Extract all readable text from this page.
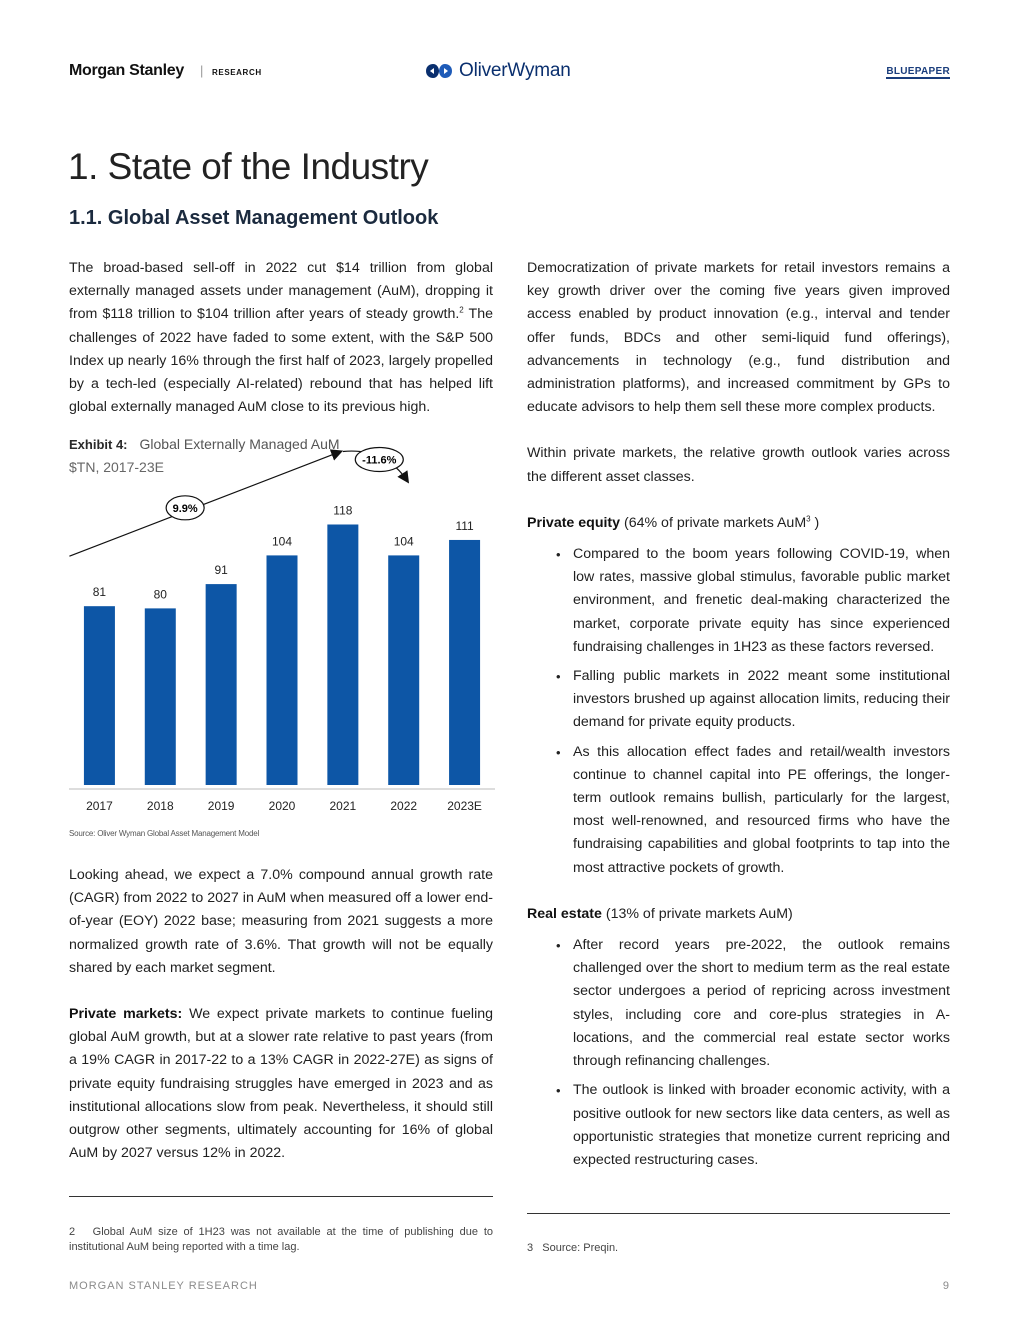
Morgan Stanley | RESEARCH	OliverWyman	BLUEPAPER
1. State of the Industry
1.1. Global Asset Management Outlook

The broad-based sell-off in 2022 cut $14 trillion from global externally managed assets under management (AuM), dropping it from $118 trillion to $104 trillion after years of steady growth.$^2$ The challenges of 2022 have faded to some extent, with the S&P 500 Index up nearly 16% through the first half of 2023, largely propelled by a tech-led (especially AI-related) rebound that has helped lift global externally managed AuM close to its previous high.

Exhibit 4: Global Externally Managed AuM
$TN, 2017-23E
81	80
91
104
118
104
111
2017	2018	2019	2020	2021	2022	2023E
9.9%
-11.6%
Source: Oliver Wyman Global Asset Management Model

Looking ahead, we expect a 7.0% compound annual growth rate (CAGR) from 2022 to 2027 in AuM when measured off a lower end-of-year (EOY) 2022 base; measuring from 2021 suggests a more normalized growth rate of 3.6%. That growth will not be equally shared by each market segment.

Private markets: We expect private markets to continue fueling global AuM growth, but at a slower rate relative to past years (from a 19% CAGR in 2017-22 to a 13% CAGR in 2022-27E) as signs of private equity fundraising struggles have emerged in 2023 and as institutional allocations slow from peak. Nevertheless, it should still outgrow other segments, ultimately accounting for 16% of global AuM by 2027 versus 12% in 2022.

Democratization of private markets for retail investors remains a key growth driver over the coming five years given improved access enabled by product innovation (e.g., interval and tender offer funds, BDCs and other semi-liquid fund offerings), advancements in technology (e.g., fund distribution and administration platforms), and increased commitment by GPs to educate advisors to help them sell these more complex products.

Within private markets, the relative growth outlook varies across the different asset classes.

Private equity (64% of private markets AuM$^3$ )

• Compared to the boom years following COVID-19, when low rates, massive global stimulus, favorable public market environment, and frenetic deal-making characterized the market, corporate private equity has since experienced fundraising challenges in 1H23 as these factors reversed.
• Falling public markets in 2022 meant some institutional investors brushed up against allocation limits, reducing their demand for private equity products.
• As this allocation effect fades and retail/wealth investors continue to channel capital into PE offerings, the longer-term outlook remains bullish, particularly for the largest, most well-renowned, and resourced firms who have the fundraising capabilities and global footprints to tap into the most attractive pockets of growth.

Real estate (13% of private markets AuM)

• After record years pre-2022, the outlook remains challenged over the short to medium term as the real estate sector undergoes a period of repricing across investment styles, including core and core-plus strategies in A-locations, and the commercial real estate sector works through refinancing challenges.
• The outlook is linked with broader economic activity, with a positive outlook for new sectors like data centers, as well as opportunistic strategies that monetize current repricing and expected restructuring cases.
2 Global AuM size of 1H23 was not available at the time of publishing due to institutional AuM being reported with a time lag.	3 Source: Preqin.
MORGAN STANLEY RESEARCH	9
